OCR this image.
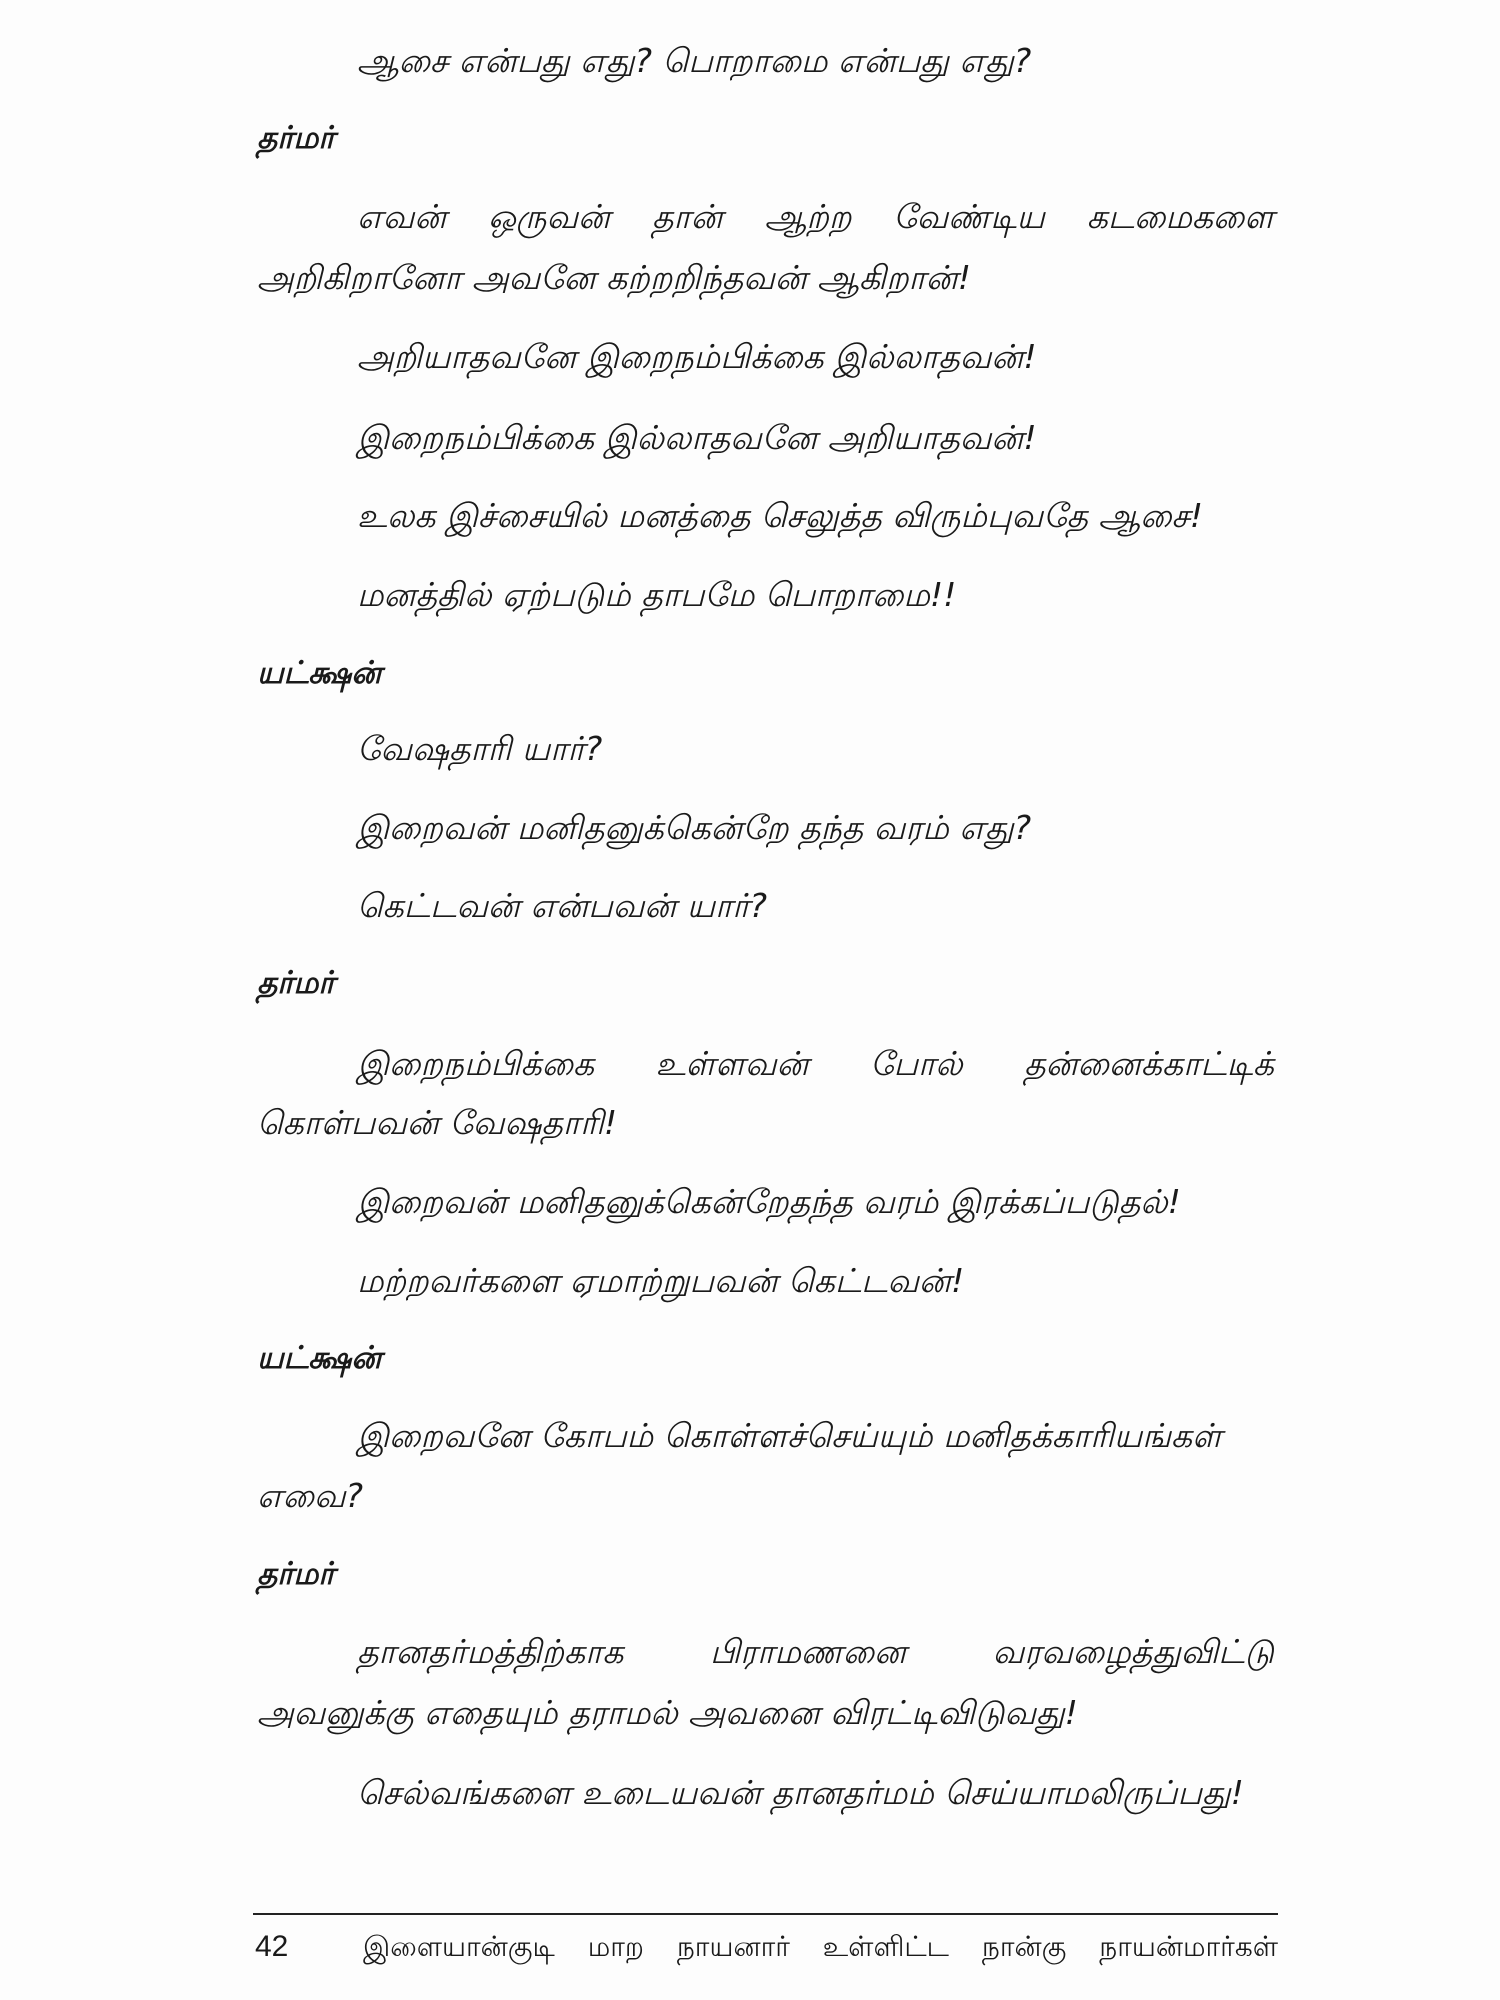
ஆசை என்பது எது? பொறாமை என்பது எது?
தர்மர்
எவன் ஒருவன் தான் ஆற்ற வேண்டிய கடமைகளை
அறிகிறானோ அவனே கற்றறிந்தவன் ஆகிறான்!
அறியாதவனே இறைநம்பிக்கை இல்லாதவன்!
இறைநம்பிக்கை இல்லாதவனே அறியாதவன்!
உலக இச்சையில் மனத்தை செலுத்த விரும்புவதே ஆசை!
மனத்தில் ஏற்படும் தாபமே பொறாமை!!
யட்க்ஷன்
வேஷதாரி யார்?
இறைவன் மனிதனுக்கென்றே தந்த வரம் எது?
கெட்டவன் என்பவன் யார்?
தர்மர்
இறைநம்பிக்கை உள்ளவன் போல் தன்னைக்காட்டிக்
கொள்பவன் வேஷதாரி!
இறைவன் மனிதனுக்கென்றேதந்த வரம் இரக்கப்படுதல்!
மற்றவர்களை ஏமாற்றுபவன் கெட்டவன்!
யட்க்ஷன்
இறைவனே கோபம் கொள்ளச்செய்யும் மனிதக்காரியங்கள்
எவை?
தர்மர்
தானதர்மத்திற்காக பிராமணனை வரவழைத்துவிட்டு
அவனுக்கு எதையும் தராமல் அவனை விரட்டிவிடுவது!
செல்வங்களை உடையவன் தானதர்மம் செய்யாமலிருப்பது!
42	இளையான்குடி மாற நாயனார் உள்ளிட்ட நான்கு நாயன்மார்கள்
